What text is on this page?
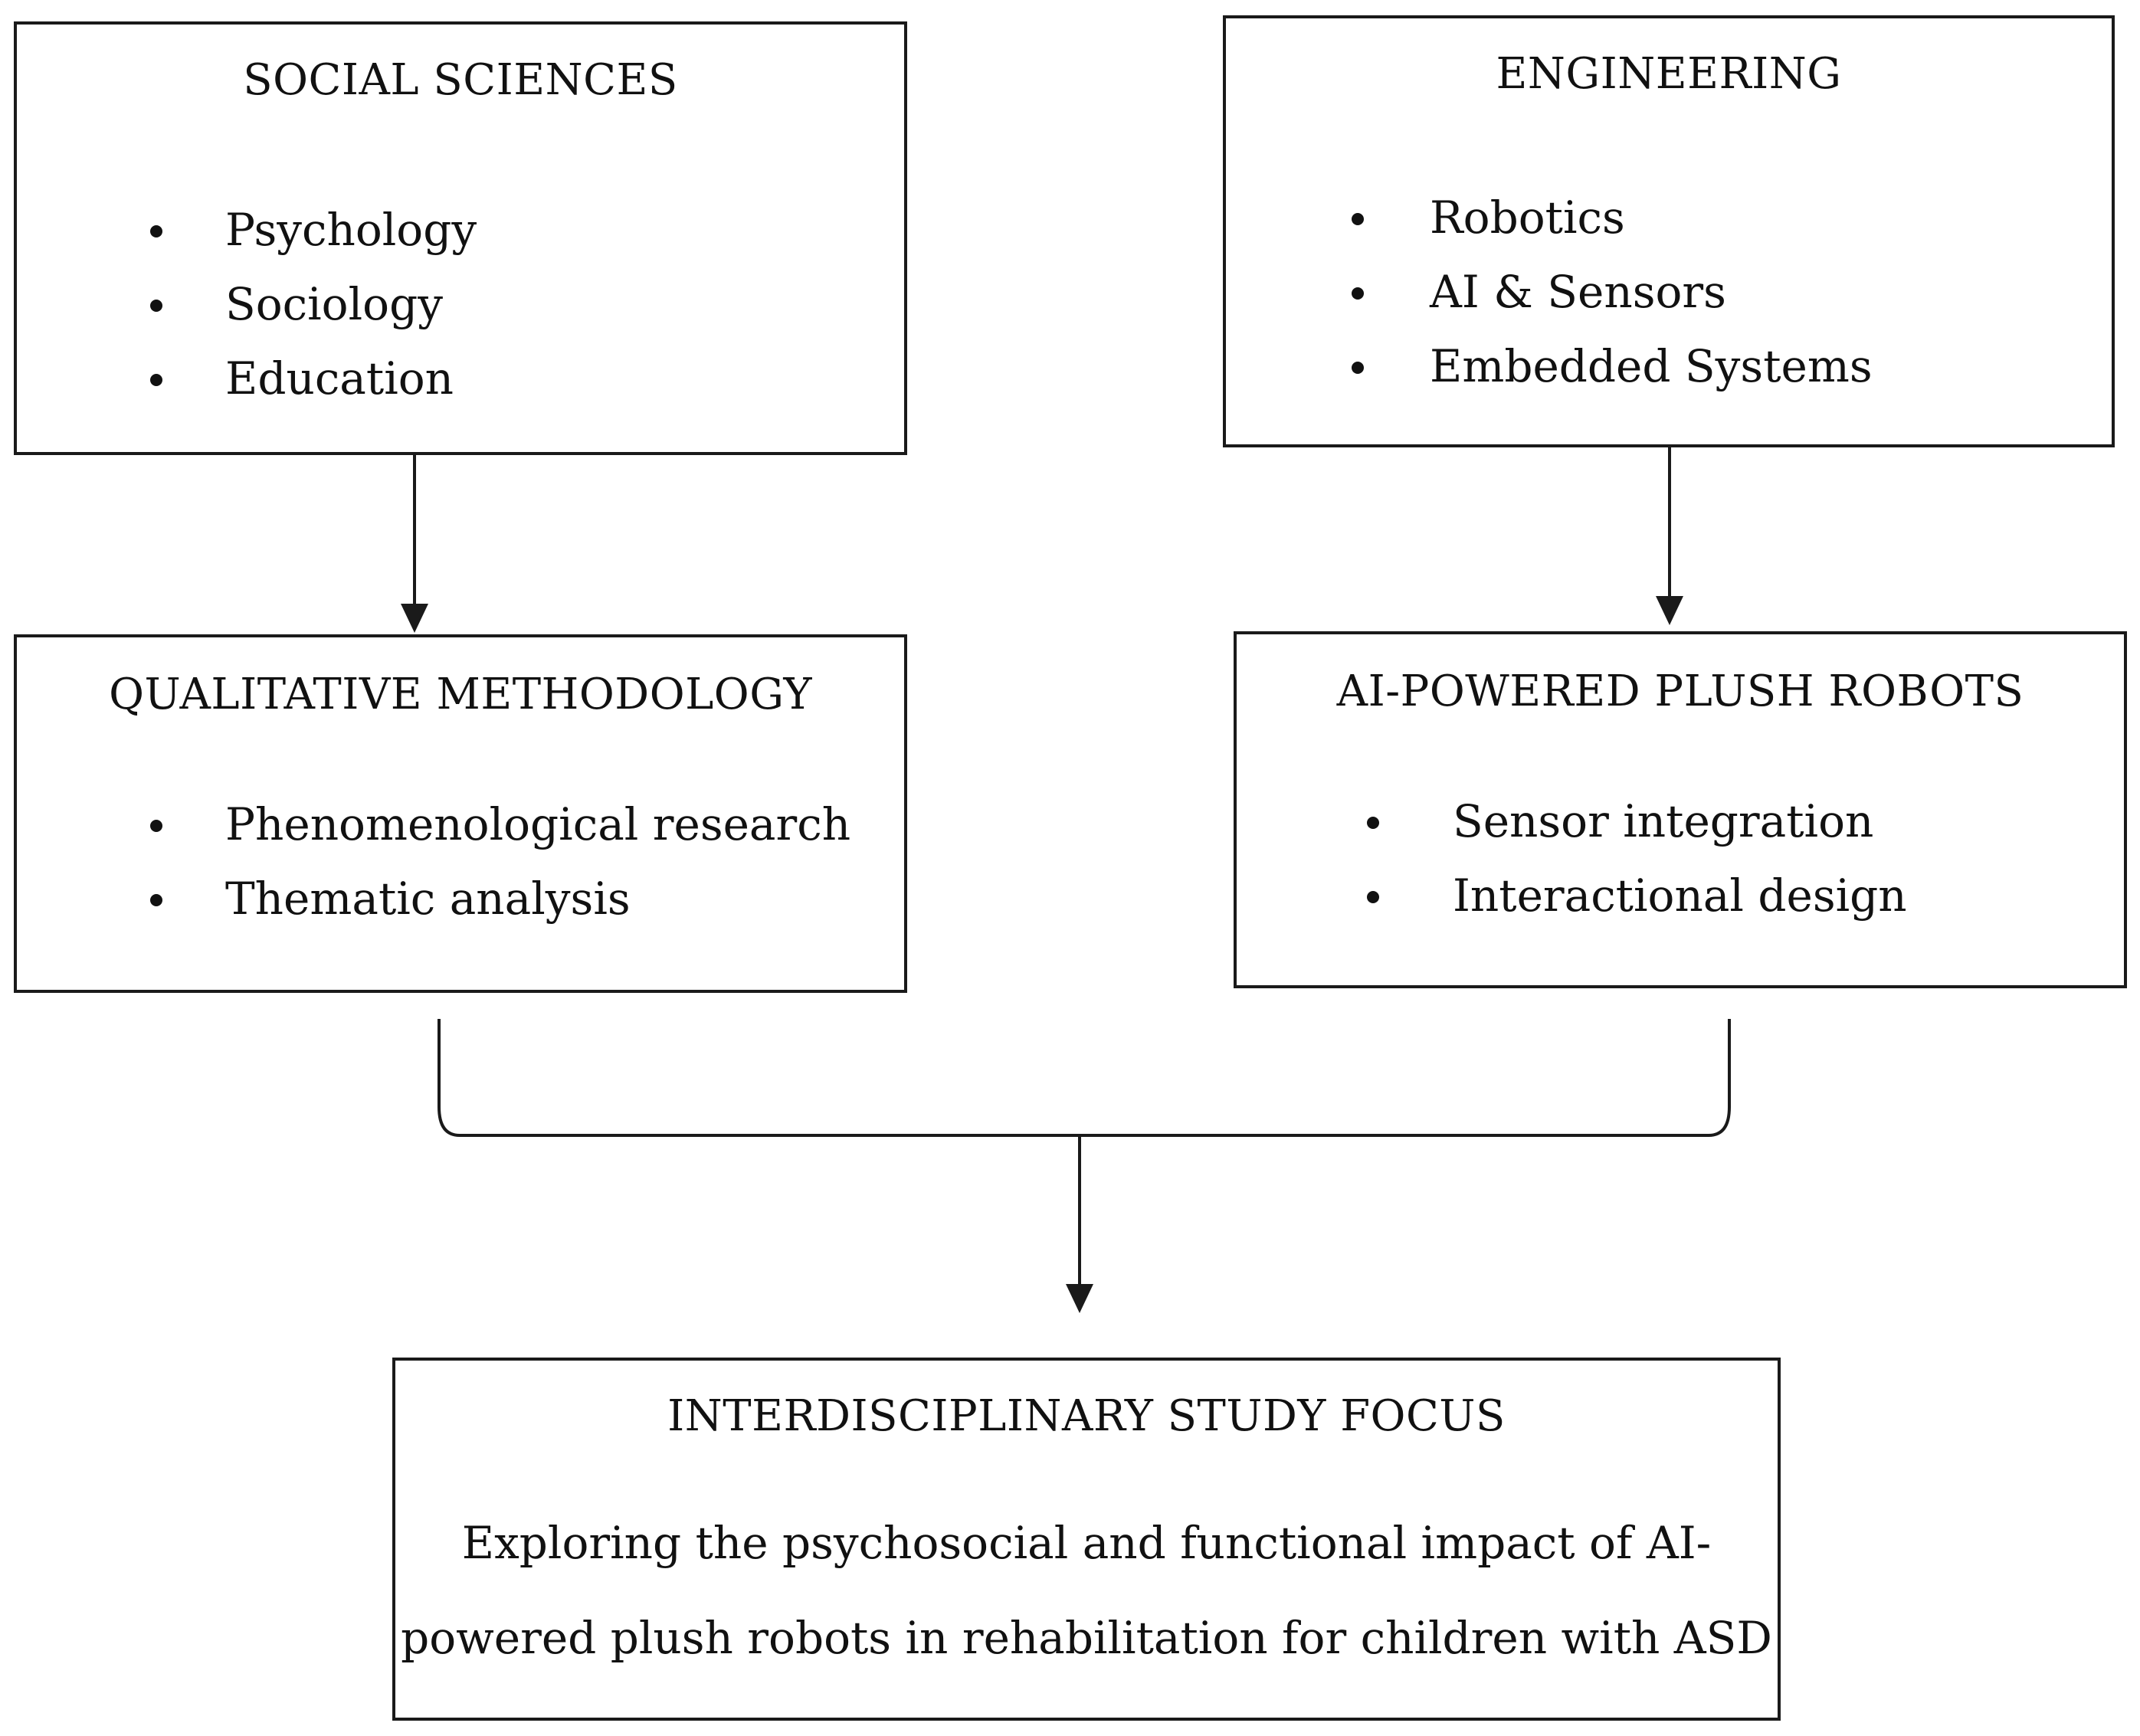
SOCIAL SCIENCES
Psychology
Sociology
Education
ENGINEERING
Robotics
AI & Sensors
Embedded Systems
QUALITATIVE METHODOLOGY
Phenomenological research
Thematic analysis
AI-POWERED PLUSH ROBOTS
Sensor integration
Interactional design
INTERDISCIPLINARY STUDY FOCUS
Exploring the psychosocial and functional impact of AI-
powered plush robots in rehabilitation for children with ASD
